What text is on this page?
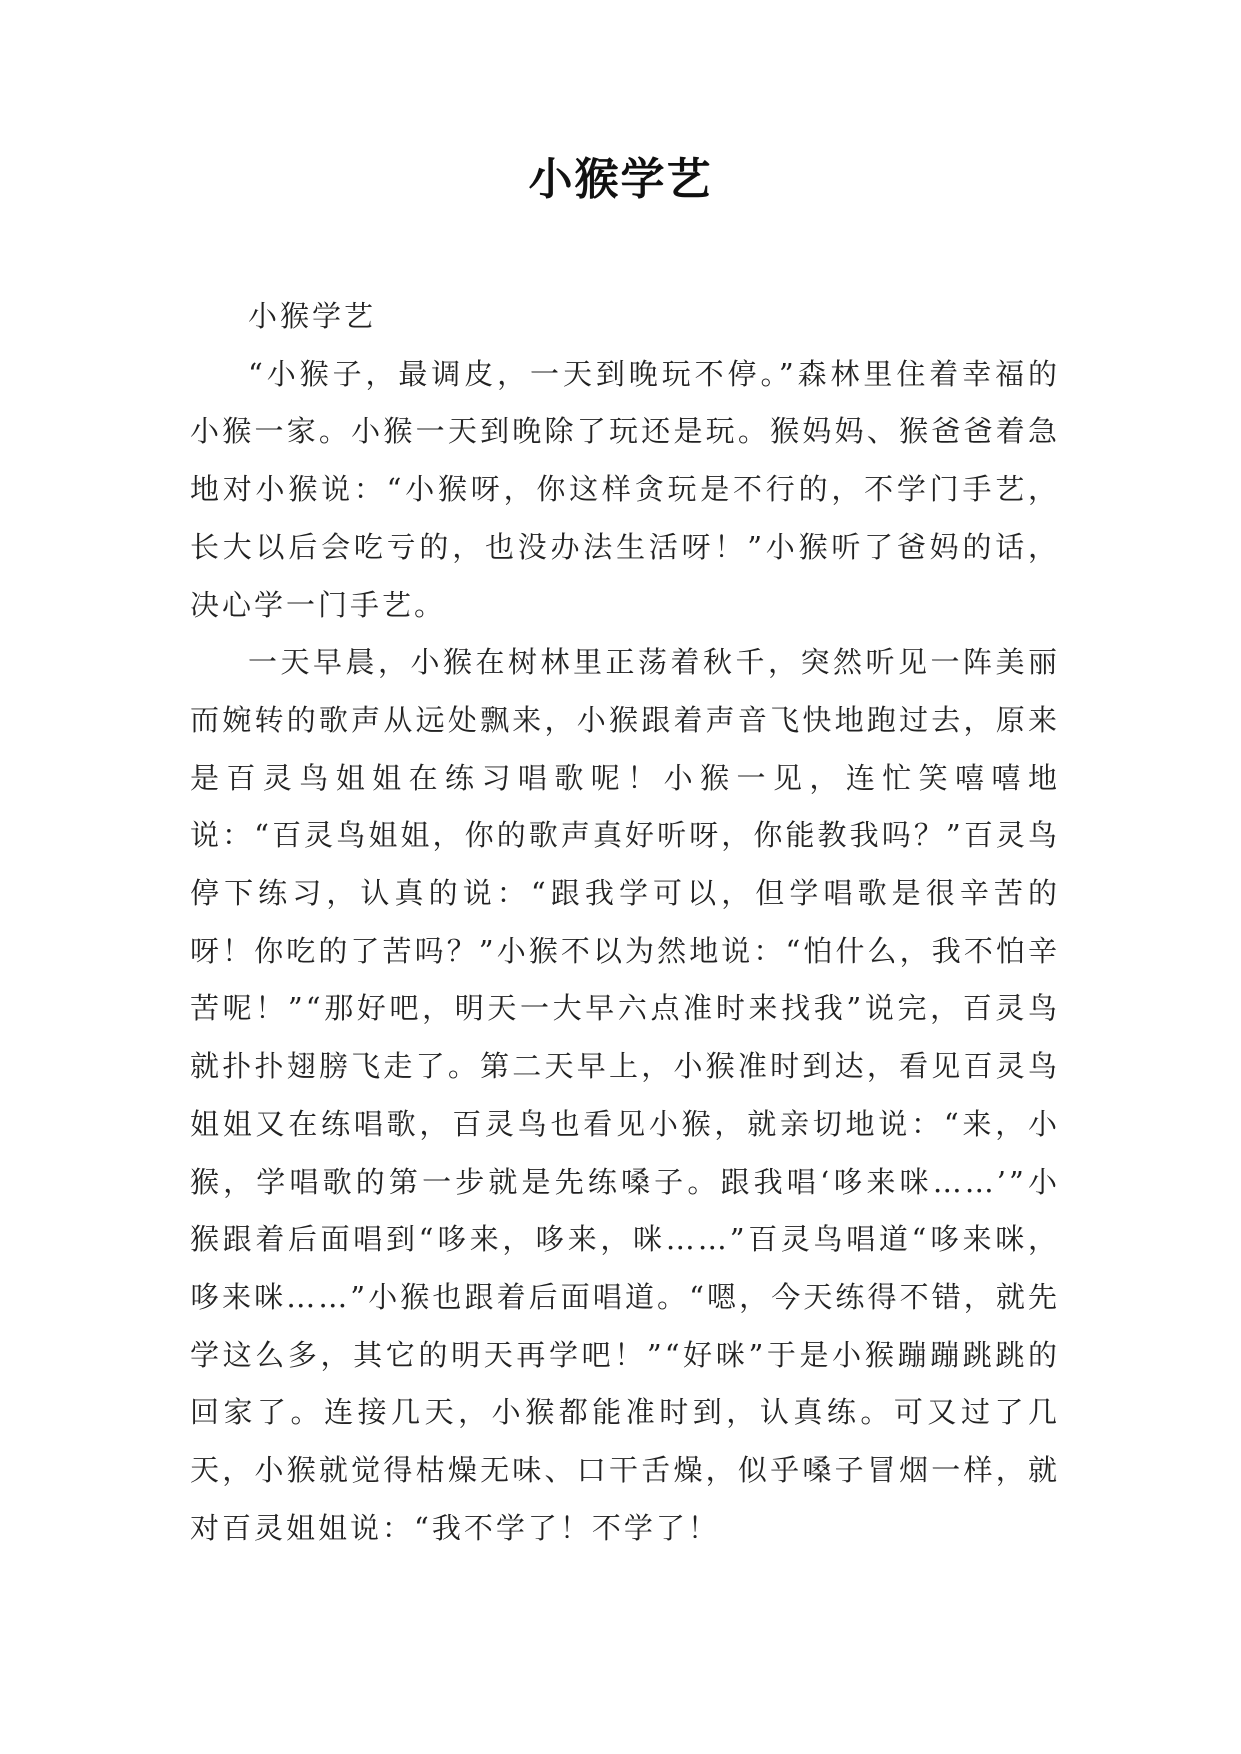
小猴学艺

小猴学艺

“小猴子，最调皮，一天到晚玩不停。”森林里住着幸福的小猴一家。小猴一天到晚除了玩还是玩。猴妈妈、猴爸爸着急地对小猴说：“小猴呀，你这样贪玩是不行的，不学门手艺，长大以后会吃亏的，也没办法生活呀！”小猴听了爸妈的话，决心学一门手艺。

一天早晨，小猴在树林里正荡着秋千，突然听见一阵美丽而婉转的歌声从远处飘来，小猴跟着声音飞快地跑过去，原来是百灵鸟姐姐在练习唱歌呢！小猴一见，连忙笑嘻嘻地说：“百灵鸟姐姐，你的歌声真好听呀，你能教我吗？”百灵鸟停下练习，认真的说：“跟我学可以，但学唱歌是很辛苦的呀！你吃的了苦吗？”小猴不以为然地说：“怕什么，我不怕辛苦呢！”“那好吧，明天一大早六点准时来找我”说完，百灵鸟就扑扑翅膀飞走了。第二天早上，小猴准时到达，看见百灵鸟姐姐又在练唱歌，百灵鸟也看见小猴，就亲切地说：“来，小猴，学唱歌的第一步就是先练嗓子。跟我唱‘哆来咪……’”小猴跟着后面唱到“哆来，哆来，咪……”百灵鸟唱道“哆来咪，哆来咪……”小猴也跟着后面唱道。“嗯，今天练得不错，就先学这么多，其它的明天再学吧！”“好咪”于是小猴蹦蹦跳跳的回家了。连接几天，小猴都能准时到，认真练。可又过了几天，小猴就觉得枯燥无味、口干舌燥，似乎嗓子冒烟一样，就对百灵姐姐说：“我不学了！不学了！
